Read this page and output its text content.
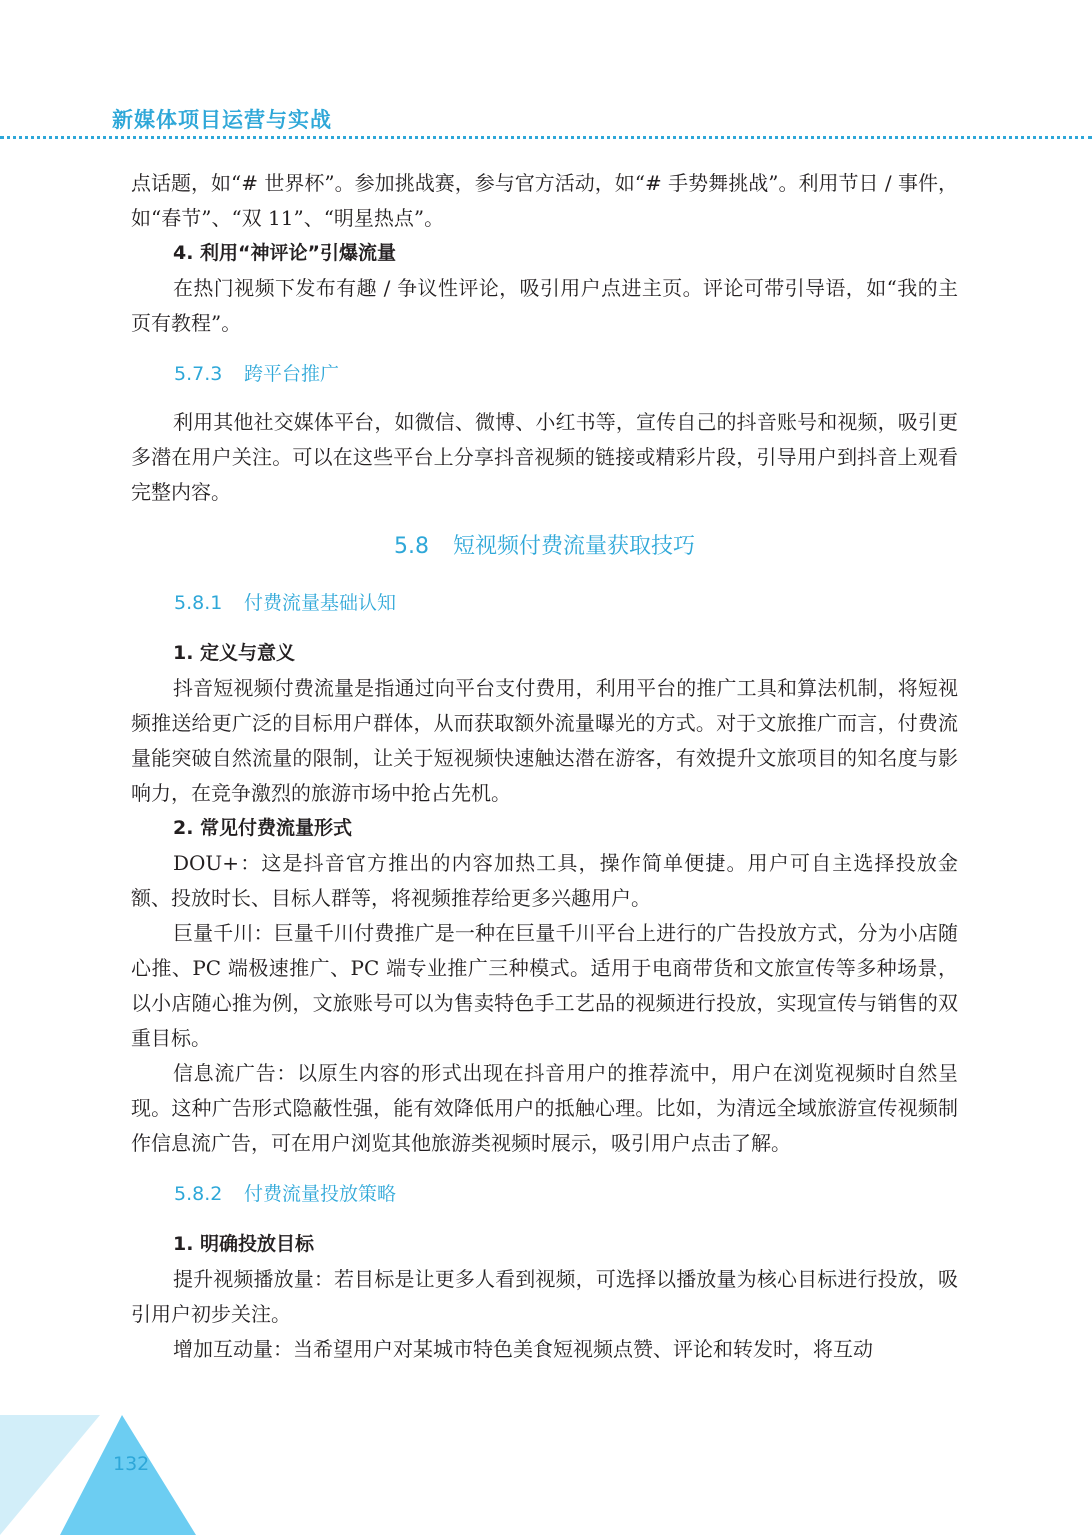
新媒体项目运营与实战

点话题，如“# 世界杯”。参加挑战赛，参与官方活动，如“# 手势舞挑战”。利用节日 / 事件，如“春节”、“双 11”、“明星热点”。

4. 利用“神评论”引爆流量

在热门视频下发布有趣 / 争议性评论，吸引用户点进主页。评论可带引导语，如“我的主页有教程”。

5.7.3 跨平台推广

利用其他社交媒体平台，如微信、微博、小红书等，宣传自己的抖音账号和视频，吸引更多潜在用户关注。可以在这些平台上分享抖音视频的链接或精彩片段，引导用户到抖音上观看完整内容。

5.8 短视频付费流量获取技巧
5.8.1 付费流量基础认知
1. 定义与意义

抖音短视频付费流量是指通过向平台支付费用，利用平台的推广工具和算法机制，将短视频推送给更广泛的目标用户群体，从而获取额外流量曝光的方式。对于文旅推广而言，付费流量能突破自然流量的限制，让关于短视频快速触达潜在游客，有效提升文旅项目的知名度与影响力，在竞争激烈的旅游市场中抢占先机。

2. 常见付费流量形式

DOU+：这是抖音官方推出的内容加热工具，操作简单便捷。用户可自主选择投放金额、投放时长、目标人群等，将视频推荐给更多兴趣用户。

巨量千川：巨量千川付费推广是一种在巨量千川平台上进行的广告投放方式，分为小店随心推、PC 端极速推广、PC 端专业推广三种模式。适用于电商带货和文旅宣传等多种场景，以小店随心推为例，文旅账号可以为售卖特色手工艺品的视频进行投放，实现宣传与销售的双重目标。

信息流广告：以原生内容的形式出现在抖音用户的推荐流中，用户在浏览视频时自然呈现。这种广告形式隐蔽性强，能有效降低用户的抵触心理。比如，为清远全域旅游宣传视频制作信息流广告，可在用户浏览其他旅游类视频时展示，吸引用户点击了解。

5.8.2 付费流量投放策略
1. 明确投放目标

提升视频播放量：若目标是让更多人看到视频，可选择以播放量为核心目标进行投放，吸引用户初步关注。

增加互动量：当希望用户对某城市特色美食短视频点赞、评论和转发时，将互动

132
